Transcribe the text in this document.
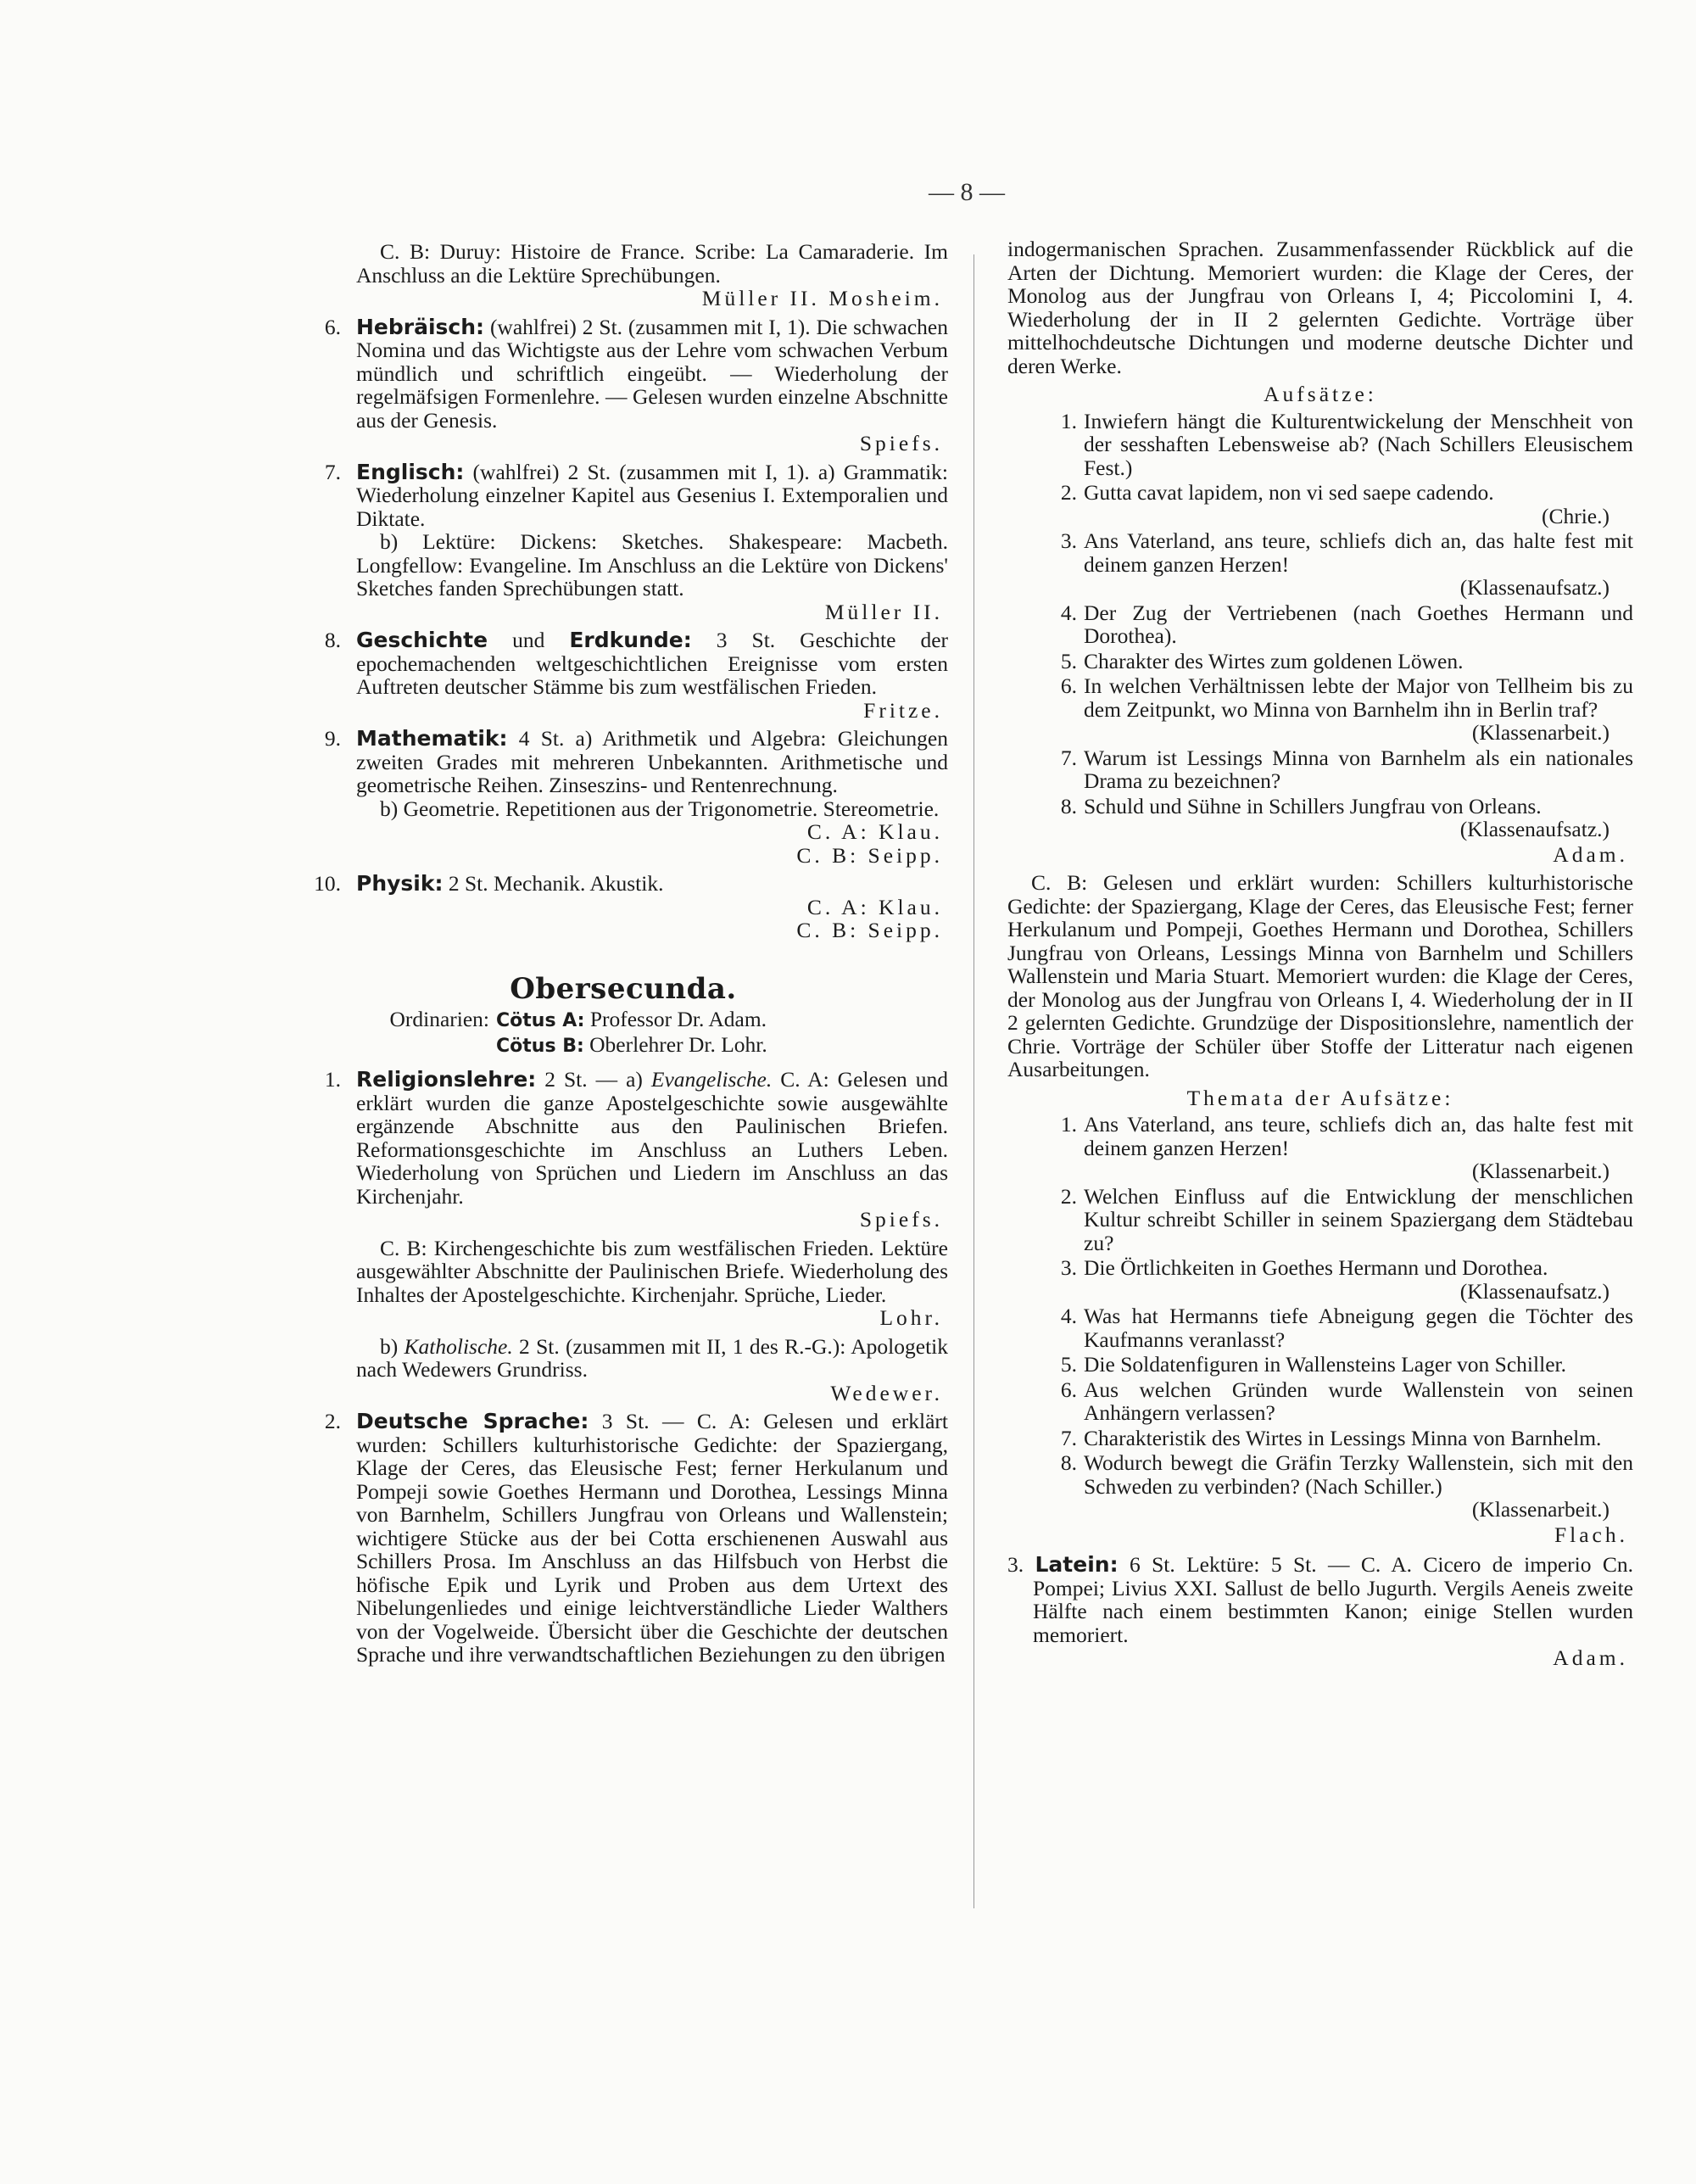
— 8 —

C. B: Duruy: Histoire de France. Scribe: La Camaraderie. Im Anschluss an die Lektüre Sprechübungen.

Müller II. Mosheim.
6. Hebräisch: (wahlfrei) 2 St. (zusammen mit I, 1). Die schwachen Nomina und das Wichtigste aus der Lehre vom schwachen Verbum mündlich und schriftlich eingeübt. — Wiederholung der regelmäfsigen Formenlehre. — Gelesen wurden einzelne Abschnitte aus der Genesis.

Spiefs.
7. Englisch: (wahlfrei) 2 St. (zusammen mit I, 1). a) Grammatik: Wiederholung einzelner Kapitel aus Gesenius I. Extemporalien und Diktate.

b) Lektüre: Dickens: Sketches. Shakespeare: Macbeth. Longfellow: Evangeline. Im Anschluss an die Lektüre von Dickens' Sketches fanden Sprechübungen statt.

Müller II.
8. Geschichte und Erdkunde: 3 St. Geschichte der epochemachenden weltgeschichtlichen Ereignisse vom ersten Auftreten deutscher Stämme bis zum westfälischen Frieden.

Fritze.
9. Mathematik: 4 St. a) Arithmetik und Algebra: Gleichungen zweiten Grades mit mehreren Unbekannten. Arithmetische und geometrische Reihen. Zinseszins- und Rentenrechnung.

b) Geometrie. Repetitionen aus der Trigonometrie. Stereometrie.

C. A: Klau.
C. B: Seipp.
10. Physik: 2 St. Mechanik. Akustik.

C. A: Klau.
C. B: Seipp.
Obersecunda.
Ordinarien: Cötus A: Professor Dr. Adam.
Cötus B: Oberlehrer Dr. Lohr.
1. Religionslehre: 2 St. — a) Evangelische. C. A: Gelesen und erklärt wurden die ganze Apostelgeschichte sowie ausgewählte ergänzende Abschnitte aus den Paulinischen Briefen. Reformationsgeschichte im Anschluss an Luthers Leben. Wiederholung von Sprüchen und Liedern im Anschluss an das Kirchenjahr.

Spiefs.

C. B: Kirchengeschichte bis zum westfälischen Frieden. Lektüre ausgewählter Abschnitte der Paulinischen Briefe. Wiederholung des Inhaltes der Apostelgeschichte. Kirchenjahr. Sprüche, Lieder.

Lohr.

b) Katholische. 2 St. (zusammen mit II, 1 des R.-G.): Apologetik nach Wedewers Grundriss.

Wedewer.
2. Deutsche Sprache: 3 St. — C. A: Gelesen und erklärt wurden: Schillers kulturhistorische Gedichte: der Spaziergang, Klage der Ceres, das Eleusische Fest; ferner Herkulanum und Pompeji sowie Goethes Hermann und Dorothea, Lessings Minna von Barnhelm, Schillers Jungfrau von Orleans und Wallenstein; wichtigere Stücke aus der bei Cotta erschienenen Auswahl aus Schillers Prosa. Im Anschluss an das Hilfsbuch von Herbst die höfische Epik und Lyrik und Proben aus dem Urtext des Nibelungenliedes und einige leichtverständliche Lieder Walthers von der Vogelweide. Übersicht über die Geschichte der deutschen Sprache und ihre verwandtschaftlichen Beziehungen zu den übrigen

indogermanischen Sprachen. Zusammenfassender Rückblick auf die Arten der Dichtung. Memoriert wurden: die Klage der Ceres, der Monolog aus der Jungfrau von Orleans I, 4; Piccolomini I, 4. Wiederholung der in II 2 gelernten Gedichte. Vorträge über mittelhochdeutsche Dichtungen und moderne deutsche Dichter und deren Werke.
Aufsätze:
1. Inwiefern hängt die Kulturentwickelung der Menschheit von der sesshaften Lebensweise ab? (Nach Schillers Eleusischem Fest.)
2. Gutta cavat lapidem, non vi sed saepe cadendo.
(Chrie.)
3. Ans Vaterland, ans teure, schliefs dich an, das halte fest mit deinem ganzen Herzen!
(Klassenaufsatz.)
4. Der Zug der Vertriebenen (nach Goethes Hermann und Dorothea).
5. Charakter des Wirtes zum goldenen Löwen.
6. In welchen Verhältnissen lebte der Major von Tellheim bis zu dem Zeitpunkt, wo Minna von Barnhelm ihn in Berlin traf?
(Klassenarbeit.)
7. Warum ist Lessings Minna von Barnhelm als ein nationales Drama zu bezeichnen?
8. Schuld und Sühne in Schillers Jungfrau von Orleans.
(Klassenaufsatz.)
Adam.
C. B: Gelesen und erklärt wurden: Schillers kulturhistorische Gedichte: der Spaziergang, Klage der Ceres, das Eleusische Fest; ferner Herkulanum und Pompeji, Goethes Hermann und Dorothea, Schillers Jungfrau von Orleans, Lessings Minna von Barnhelm und Schillers Wallenstein und Maria Stuart. Memoriert wurden: die Klage der Ceres, der Monolog aus der Jungfrau von Orleans I, 4. Wiederholung der in II 2 gelernten Gedichte. Grundzüge der Dispositionslehre, namentlich der Chrie. Vorträge der Schüler über Stoffe der Litteratur nach eigenen Ausarbeitungen.
Themata der Aufsätze:
1. Ans Vaterland, ans teure, schliefs dich an, das halte fest mit deinem ganzen Herzen!
(Klassenarbeit.)
2. Welchen Einfluss auf die Entwicklung der menschlichen Kultur schreibt Schiller in seinem Spaziergang dem Städtebau zu?
3. Die Örtlichkeiten in Goethes Hermann und Dorothea.
(Klassenaufsatz.)
4. Was hat Hermanns tiefe Abneigung gegen die Töchter des Kaufmanns veranlasst?
5. Die Soldatenfiguren in Wallensteins Lager von Schiller.
6. Aus welchen Gründen wurde Wallenstein von seinen Anhängern verlassen?
7. Charakteristik des Wirtes in Lessings Minna von Barnhelm.
8. Wodurch bewegt die Gräfin Terzky Wallenstein, sich mit den Schweden zu verbinden? (Nach Schiller.)
(Klassenarbeit.)
Flach.

3. Latein: 6 St. Lektüre: 5 St. — C. A. Cicero de imperio Cn. Pompei; Livius XXI. Sallust de bello Jugurth. Vergils Aeneis zweite Hälfte nach einem bestimmten Kanon; einige Stellen wurden memoriert.

Adam.
